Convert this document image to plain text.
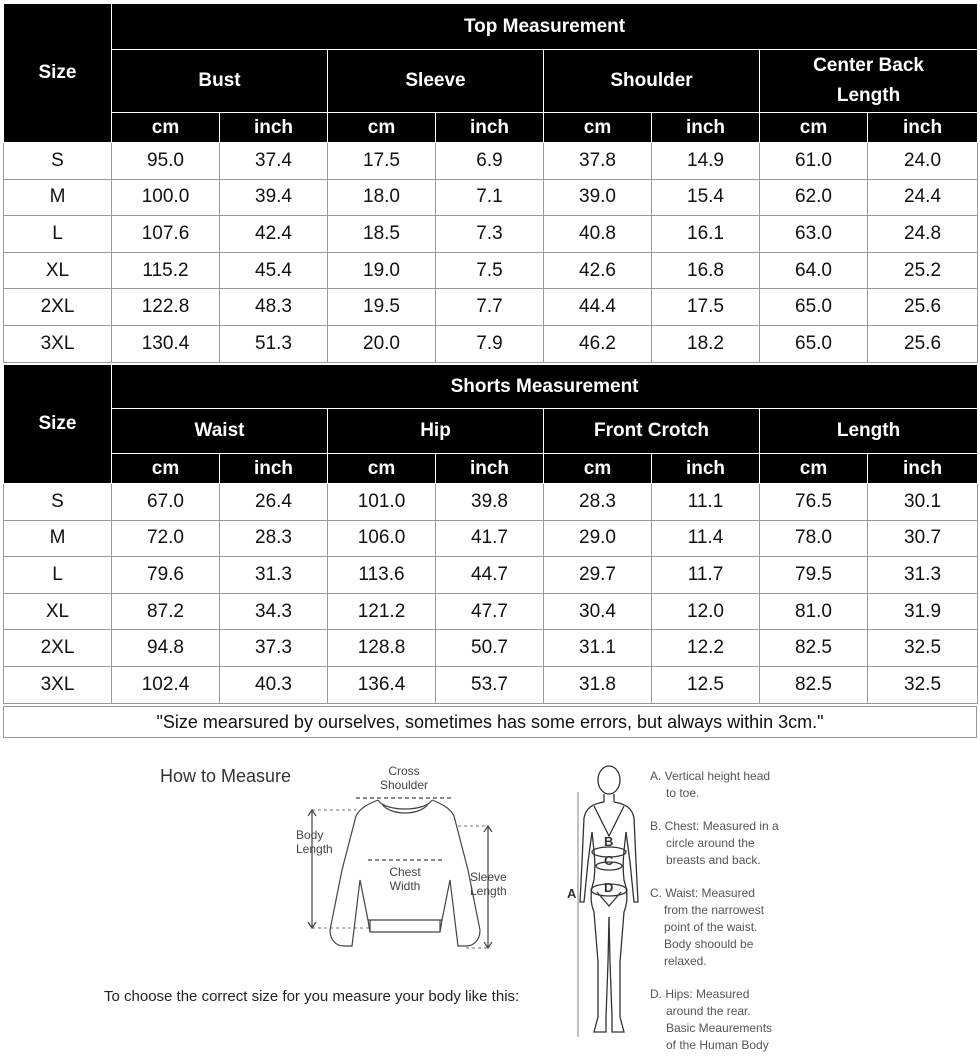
Size	Top Measurement							
	Bust		Sleeve		Shoulder		Center Back Length	
	cm	inch	cm	inch	cm	inch	cm	inch
S	95.0	37.4	17.5	6.9	37.8	14.9	61.0	24.0
M	100.0	39.4	18.0	7.1	39.0	15.4	62.0	24.4
L	107.6	42.4	18.5	7.3	40.8	16.1	63.0	24.8
XL	115.2	45.4	19.0	7.5	42.6	16.8	64.0	25.2
2XL	122.8	48.3	19.5	7.7	44.4	17.5	65.0	25.6
3XL	130.4	51.3	20.0	7.9	46.2	18.2	65.0	25.6
Size	Shorts Measurement							
	Waist		Hip		Front Crotch		Length	
	cm	inch	cm	inch	cm	inch	cm	inch
S	67.0	26.4	101.0	39.8	28.3	11.1	76.5	30.1
M	72.0	28.3	106.0	41.7	29.0	11.4	78.0	30.7
L	79.6	31.3	113.6	44.7	29.7	11.7	79.5	31.3
XL	87.2	34.3	121.2	47.7	30.4	12.0	81.0	31.9
2XL	94.8	37.3	128.8	50.7	31.1	12.2	82.5	32.5
3XL	102.4	40.3	136.4	53.7	31.8	12.5	82.5	32.5
"Size mearsured by ourselves, sometimes has some errors, but always within 3cm."
How to Measure	Cross
Shoulder
Body
Length
Chest
Width
Sleeve
Length
To choose the correct size for you measure your body like this:
A
B
C
D
A. Vertical height head
to toe.
B. Chest: Measured in a
circle around the
breasts and back.
C. Waist: Measured
from the narrowest
point of the waist.
Body shoould be
relaxed.
D. Hips: Measured
around the rear.
Basic Meaurements
of the Human Body
